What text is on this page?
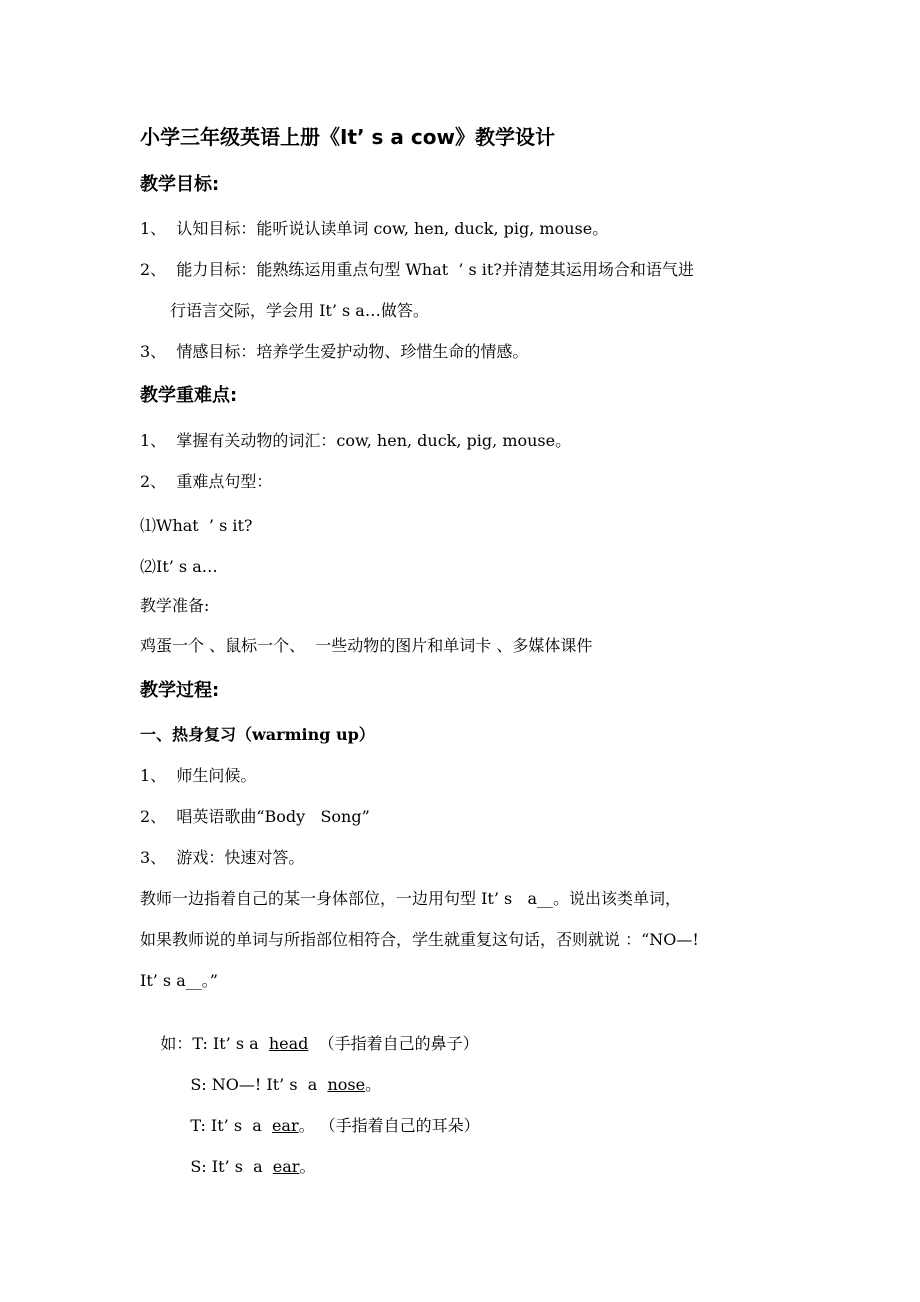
小学三年级英语上册《It’ s a cow》教学设计
教学目标:
1、  认知目标：能听说认读单词 cow, hen, duck, pig, mouse。
2、  能力目标：能熟练运用重点句型 What  ’ s it?并清楚其运用场合和语气进
行语言交际，学会用 It’ s a…做答。
3、  情感目标：培养学生爱护动物、珍惜生命的情感。
教学重难点:
1、  掌握有关动物的词汇：cow, hen, duck, pig, mouse。
2、  重难点句型：
⑴What  ’ s it?
⑵It’ s a…
教学准备:
鸡蛋一个 、鼠标一个、  一些动物的图片和单词卡 、多媒体课件
教学过程:
一、热身复习（warming up）
1、  师生问候。
2、  唱英语歌曲“Body   Song”
3、  游戏：快速对答。
教师一边指着自己的某一身体部位，一边用句型 It’ s   a__。说出该类单词，
如果教师说的单词与所指部位相符合，学生就重复这句话，否则就说 ：“NO—!
It’ s a__。”

如：T: It’ s a  head  （手指着自己的鼻子）

S: NO—! It’ s  a  nose。

T: It’ s  a  ear。 （手指着自己的耳朵）

S: It’ s  a  ear。
